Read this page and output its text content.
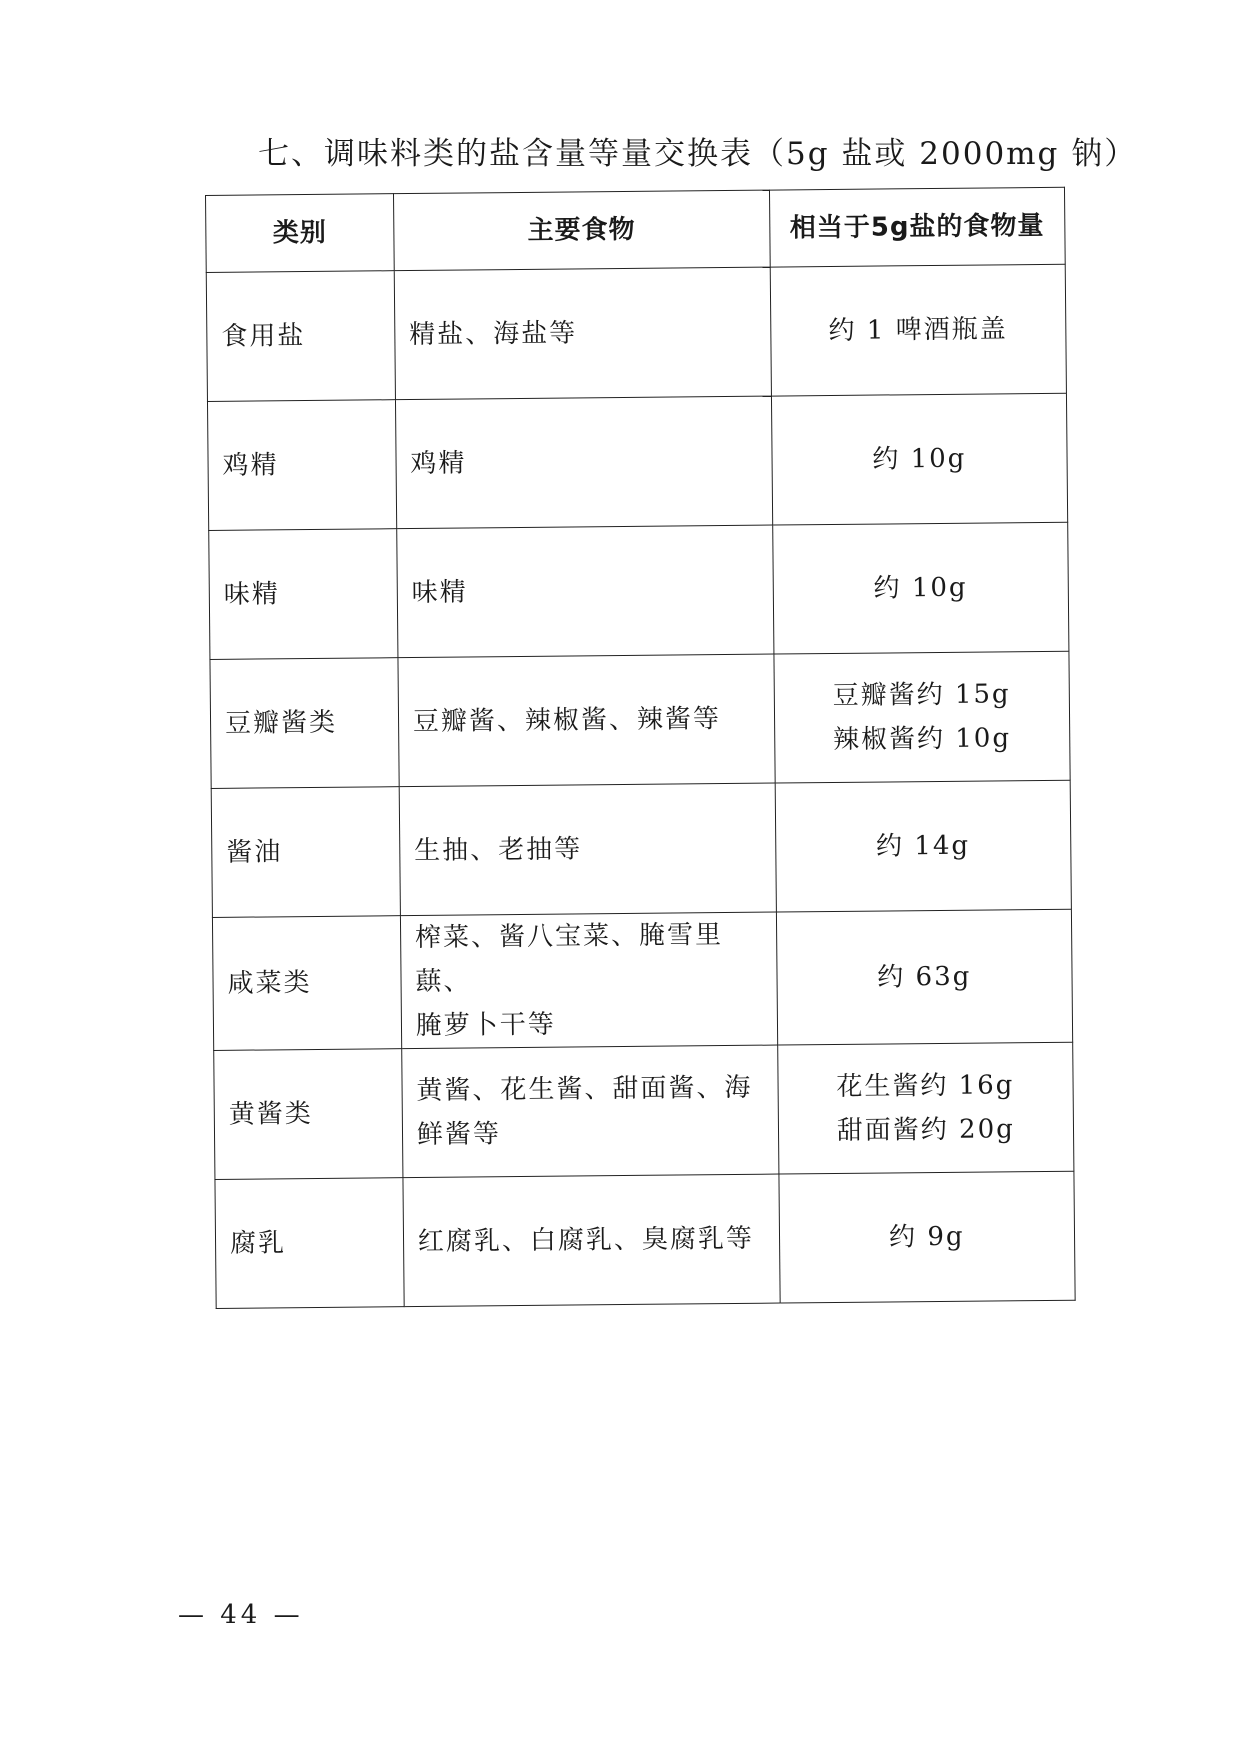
七、调味料类的盐含量等量交换表（5g 盐或 2000mg 钠）
类别	主要食物	相当于5g盐的食物量
食用盐	精盐、海盐等	约 1 啤酒瓶盖

鸡精	鸡精	约 10g

味精	味精	约 10g

豆瓣酱类	豆瓣酱、辣椒酱、辣酱等	豆瓣酱约 15g
辣椒酱约 10g

酱油	生抽、老抽等	约 14g

咸菜类	榨菜、酱八宝菜、腌雪里蕻、
腌萝卜干等	约 63g

黄酱类	黄酱、花生酱、甜面酱、海
鲜酱等	花生酱约 16g
甜面酱约 20g

腐乳	红腐乳、白腐乳、臭腐乳等	约 9g
— 44 —
